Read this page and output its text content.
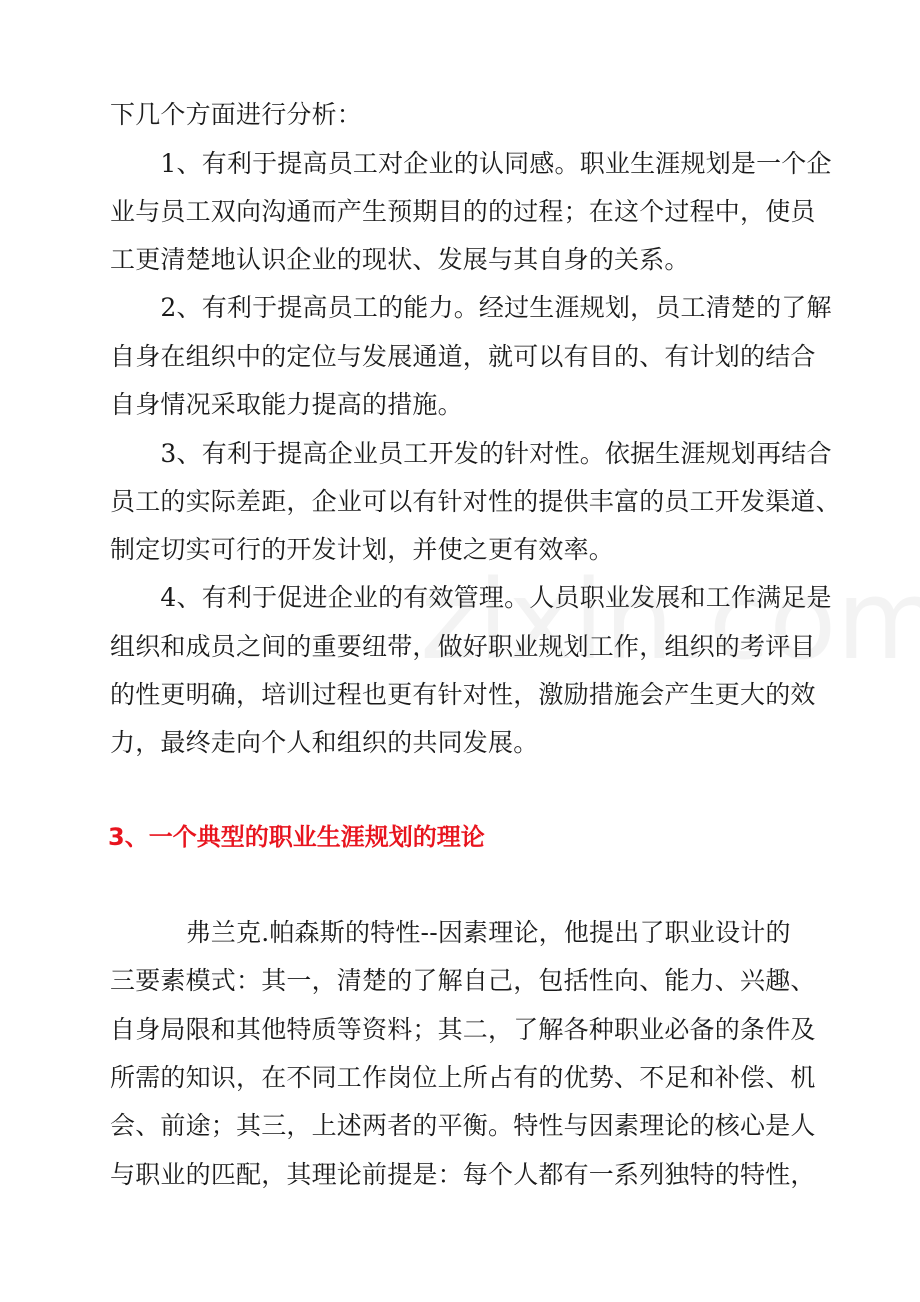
下几个方面进行分析：

　　1、有利于提高员工对企业的认同感。职业生涯规划是一个企

业与员工双向沟通而产生预期目的的过程；在这个过程中，使员

工更清楚地认识企业的现状、发展与其自身的关系。

　　2、有利于提高员工的能力。经过生涯规划，员工清楚的了解

自身在组织中的定位与发展通道，就可以有目的、有计划的结合

自身情况采取能力提高的措施。

　　3、有利于提高企业员工开发的针对性。依据生涯规划再结合

员工的实际差距，企业可以有针对性的提供丰富的员工开发渠道、

制定切实可行的开发计划，并使之更有效率。

　　4、有利于促进企业的有效管理。人员职业发展和工作满足是

组织和成员之间的重要纽带，做好职业规划工作，组织的考评目

的性更明确，培训过程也更有针对性，激励措施会产生更大的效

力，最终走向个人和组织的共同发展。

3、一个典型的职业生涯规划的理论

　　　弗兰克.帕森斯的特性--因素理论，他提出了职业设计的

三要素模式：其一，清楚的了解自己，包括性向、能力、兴趣、

自身局限和其他特质等资料；其二，了解各种职业必备的条件及

所需的知识，在不同工作岗位上所占有的优势、不足和补偿、机

会、前途；其三，上述两者的平衡。特性与因素理论的核心是人

与职业的匹配，其理论前提是：每个人都有一系列独特的特性，
